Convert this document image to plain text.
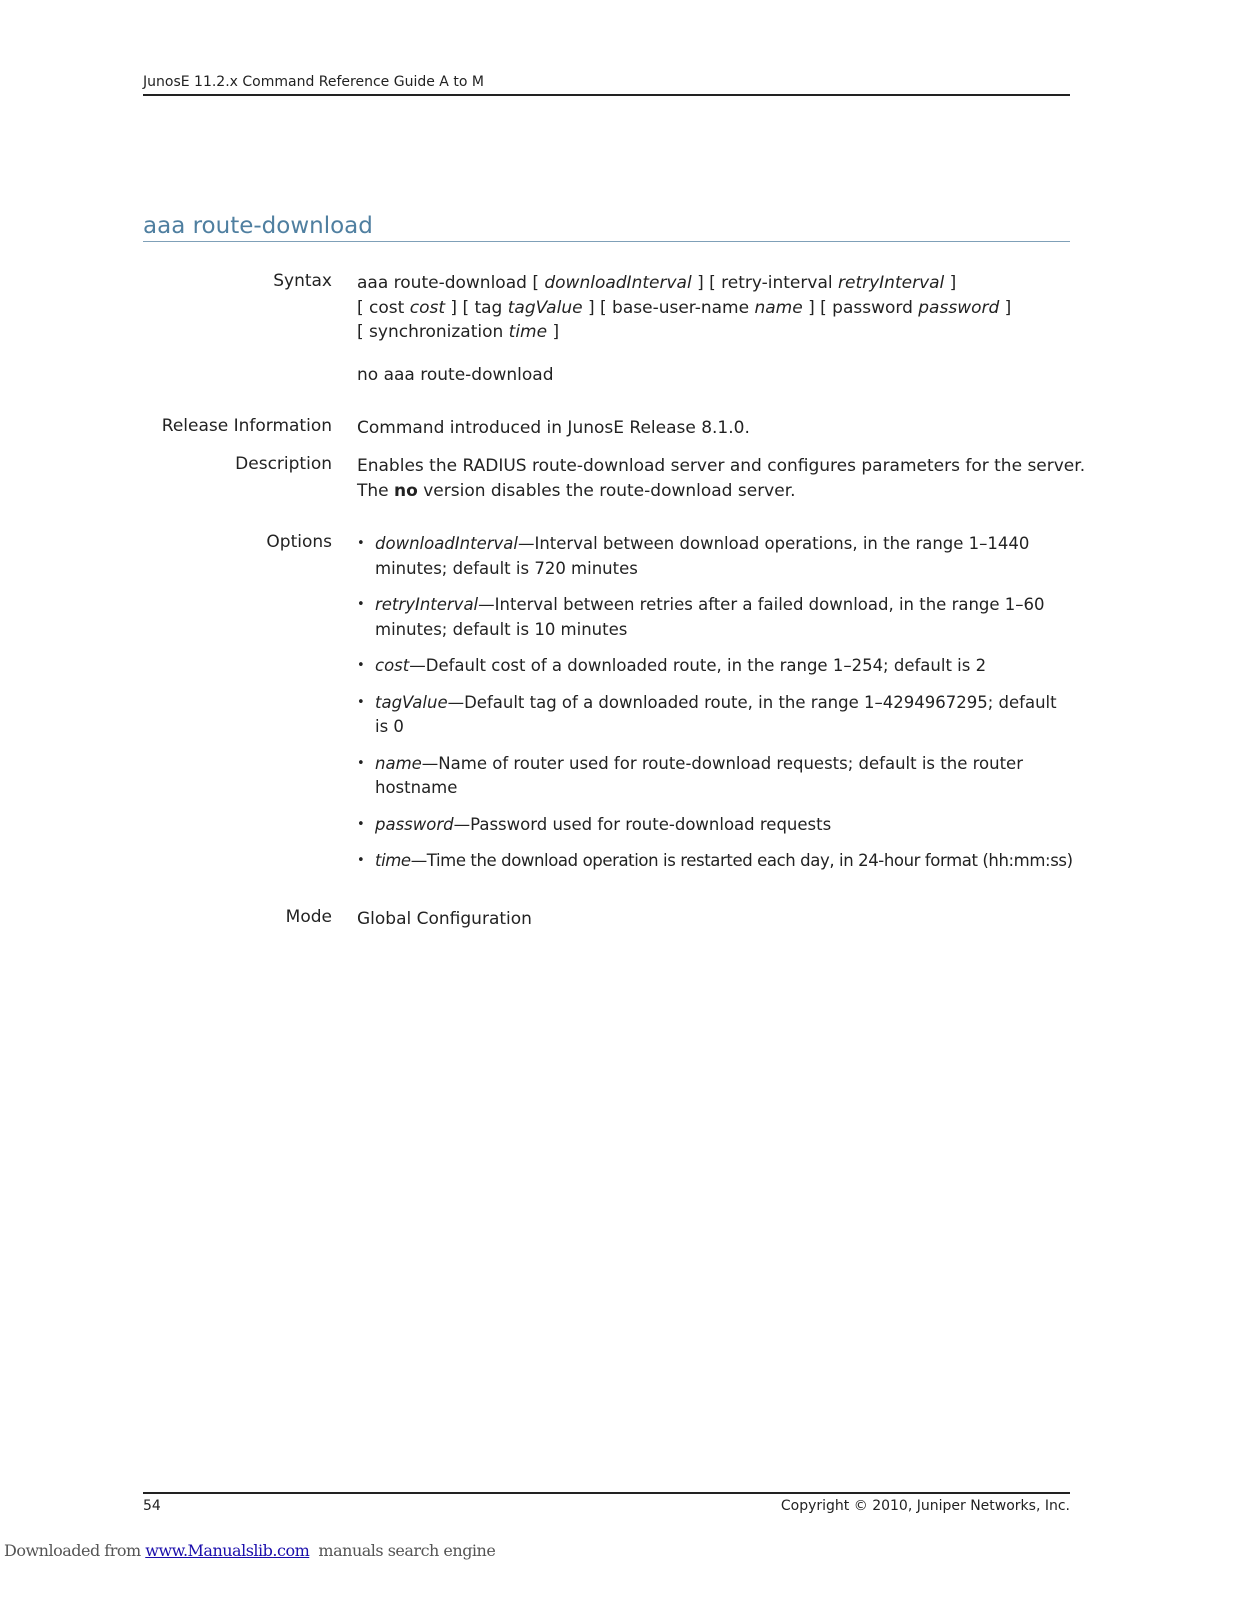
JunosE 11.2.x Command Reference Guide A to M
aaa route-download
Syntax aaa route-download [ downloadInterval ] [ retry-interval retryInterval ]
[ cost cost ] [ tag tagValue ] [ base-user-name name ] [ password password ]
[ synchronization time ]
no aaa route-download
Release Information Command introduced in JunosE Release 8.1.0.
Description Enables the RADIUS route-download server and configures parameters for the server.
The no version disables the route-download server.
Options
•	downloadInterval—Interval between download operations, in the range 1–1440 minutes; default is 720 minutes
• retryInterval—Interval between retries after a failed download, in the range 1–60 minutes; default is 10 minutes
• cost—Default cost of a downloaded route, in the range 1–254; default is 2
• tagValue—Default tag of a downloaded route, in the range 1–4294967295; default is 0
• name—Name of router used for route-download requests; default is the router hostname
• password—Password used for route-download requests
• time—Time the download operation is restarted each day, in 24-hour format (hh:mm:ss)
Mode Global Configuration
54	Copyright © 2010, Juniper Networks, Inc.
Downloaded from www.Manualslib.com  manuals search engine
